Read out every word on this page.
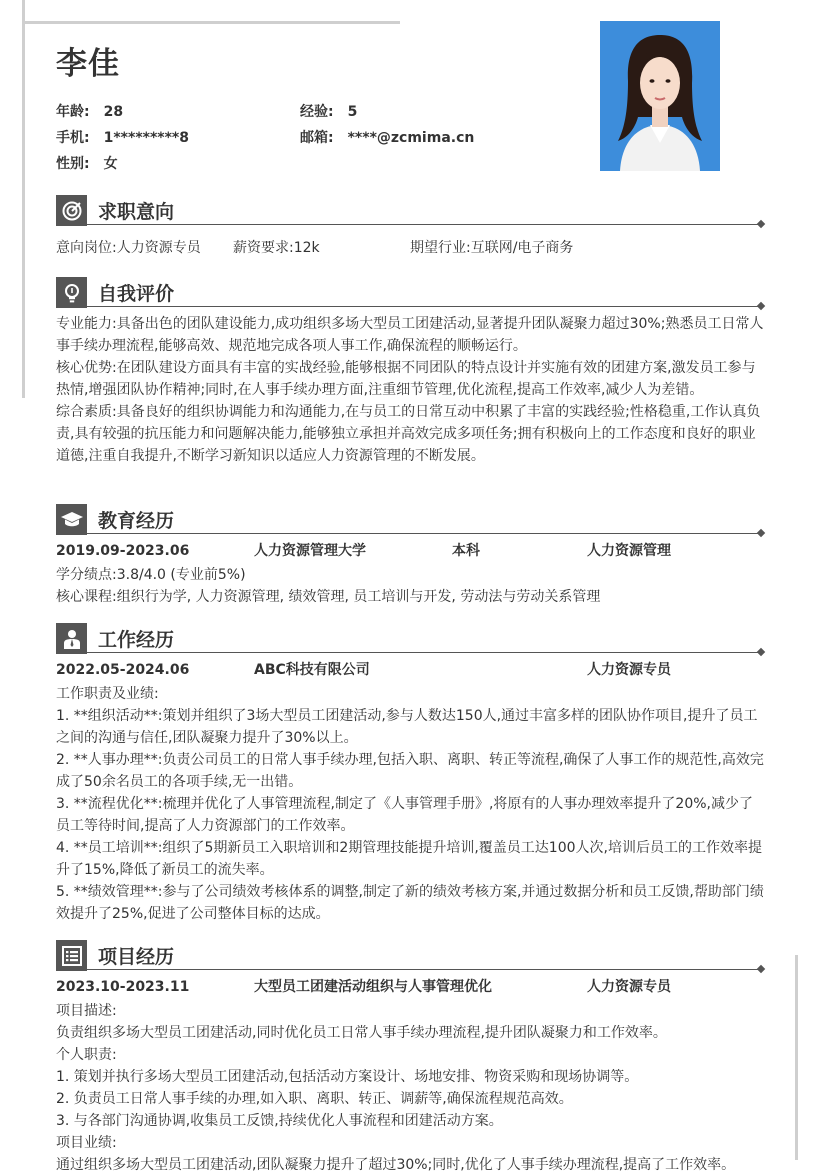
李佳
年龄: 28	经验: 5
手机: 1*********8	邮箱: ****@zcmima.cn
性别: 女
求职意向
意向岗位:人力资源专员 薪资要求:12k	期望行业:互联网/电子商务
自我评价
专业能力:具备出色的团队建设能力,成功组织多场大型员工团建活动,显著提升团队凝聚力超过30%;熟悉员工日常人事手续办理流程,能够高效、规范地完成各项人事工作,确保流程的顺畅运行。
核心优势:在团队建设方面具有丰富的实战经验,能够根据不同团队的特点设计并实施有效的团建方案,激发员工参与热情,增强团队协作精神;同时,在人事手续办理方面,注重细节管理,优化流程,提高工作效率,减少人为差错。
综合素质:具备良好的组织协调能力和沟通能力,在与员工的日常互动中积累了丰富的实践经验;性格稳重,工作认真负责,具有较强的抗压能力和问题解决能力,能够独立承担并高效完成多项任务;拥有积极向上的工作态度和良好的职业道德,注重自我提升,不断学习新知识以适应人力资源管理的不断发展。
教育经历
2019.09-2023.06	人力资源管理大学	本科	人力资源管理
学分绩点:3.8/4.0 (专业前5%)
核心课程:组织行为学, 人力资源管理, 绩效管理, 员工培训与开发, 劳动法与劳动关系管理
工作经历
2022.05-2024.06	ABC科技有限公司	人力资源专员
工作职责及业绩:
1. **组织活动**:策划并组织了3场大型员工团建活动,参与人数达150人,通过丰富多样的团队协作项目,提升了员工之间的沟通与信任,团队凝聚力提升了30%以上。
2. **人事办理**:负责公司员工的日常人事手续办理,包括入职、离职、转正等流程,确保了人事工作的规范性,高效完成了50余名员工的各项手续,无一出错。
3. **流程优化**:梳理并优化了人事管理流程,制定了《人事管理手册》,将原有的人事办理效率提升了20%,减少了员工等待时间,提高了人力资源部门的工作效率。
4. **员工培训**:组织了5期新员工入职培训和2期管理技能提升培训,覆盖员工达100人次,培训后员工的工作效率提升了15%,降低了新员工的流失率。
5. **绩效管理**:参与了公司绩效考核体系的调整,制定了新的绩效考核方案,并通过数据分析和员工反馈,帮助部门绩效提升了25%,促进了公司整体目标的达成。
项目经历
2023.10-2023.11	大型员工团建活动组织与人事管理优化	人力资源专员
项目描述:
负责组织多场大型员工团建活动,同时优化员工日常人事手续办理流程,提升团队凝聚力和工作效率。
个人职责:
1. 策划并执行多场大型员工团建活动,包括活动方案设计、场地安排、物资采购和现场协调等。
2. 负责员工日常人事手续的办理,如入职、离职、转正、调薪等,确保流程规范高效。
3. 与各部门沟通协调,收集员工反馈,持续优化人事流程和团建活动方案。
项目业绩:
通过组织多场大型员工团建活动,团队凝聚力提升了超过30%;同时,优化了人事手续办理流程,提高了工作效率。
